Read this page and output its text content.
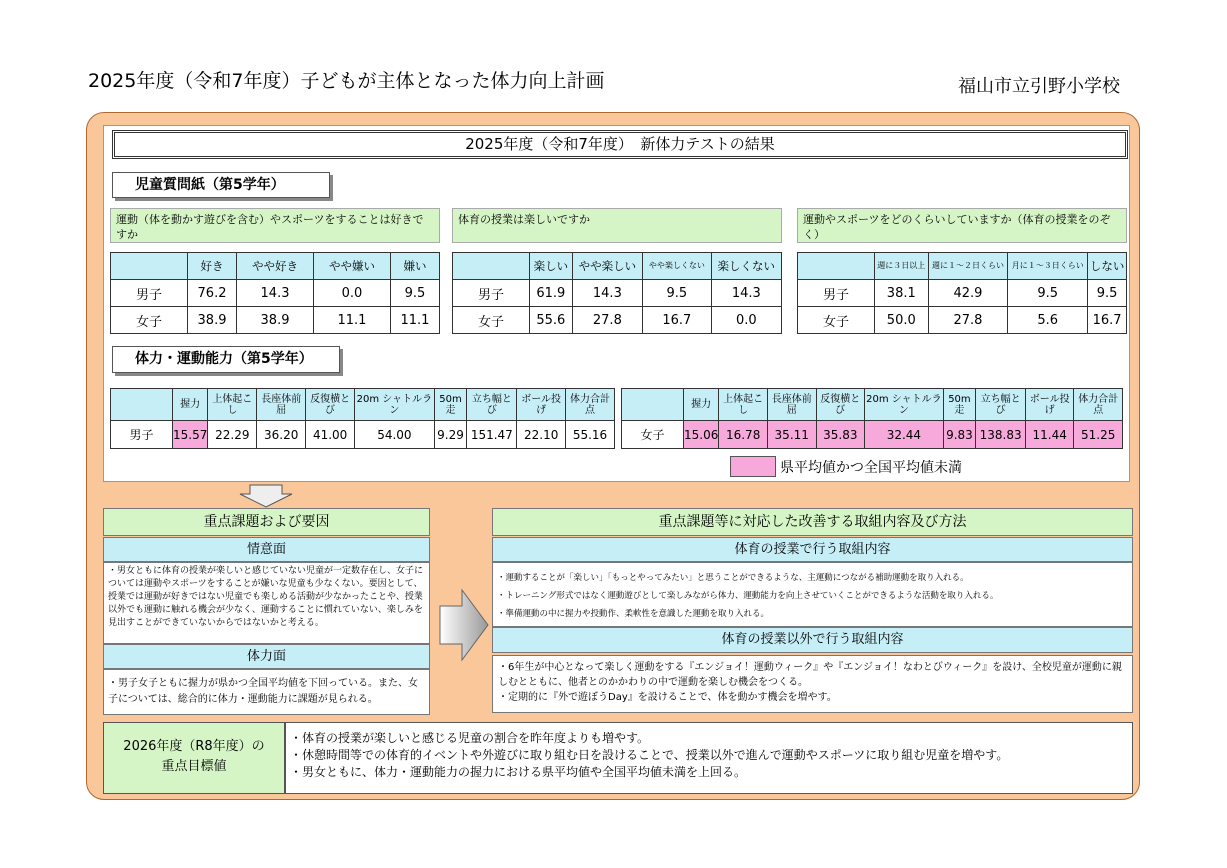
2025年度（令和7年度）子どもが主体となった体力向上計画	福山市立引野小学校
2025年度（令和7年度）　新体力テストの結果
児童質問紙（第5学年）
運動（体を動かす遊びを含む）やスポーツをすることは好きですか
	好き	やや好き	やや嫌い	嫌い
男子	76.2	14.3	0.0	9.5
女子	38.9	38.9	11.1	11.1
体育の授業は楽しいですか
	楽しい	やや楽しい	やや楽しくない	楽しくない
男子	61.9	14.3	9.5	14.3
女子	55.6	27.8	16.7	0.0
運動やスポーツをどのくらいしていますか（体育の授業をのぞく）
	週に３日以上	週に１～２日くらい	月に１～３日くらい	しない
男子	38.1	42.9	9.5	9.5
女子	50.0	27.8	5.6	16.7
体力・運動能力（第5学年）
	握力	上体起こし	長座体前屈	反復横とび	20m シャトルラン	50m走	立ち幅とび	ボール投げ	体力合計点
男子	15.57	22.29	36.20	41.00	54.00	9.29	151.47	22.10	55.16
	握力	上体起こし	長座体前屈	反復横とび	20m シャトルラン	50m走	立ち幅とび	ボール投げ	体力合計点
女子	15.06	16.78	35.11	35.83	32.44	9.83	138.83	11.44	51.25
県平均値かつ全国平均値未満
重点課題および要因
情意面
・男女ともに体育の授業が楽しいと感じていない児童が一定数存在し、女子については運動やスポーツをすることが嫌いな児童も少なくない。要因として、授業では運動が好きではない児童でも楽しめる活動が少なかったことや、授業以外でも運動に触れる機会が少なく、運動することに慣れていない、楽しみを見出すことができていないからではないかと考える。
体力面
・男子女子ともに握力が県かつ全国平均値を下回っている。また、女子については、総合的に体力・運動能力に課題が見られる。
重点課題等に対応した改善する取組内容及び方法
体育の授業で行う取組内容
・運動することが「楽しい」「もっとやってみたい」と思うことができるような、主運動につながる補助運動を取り入れる。
・トレーニング形式ではなく運動遊びとして楽しみながら体力、運動能力を向上させていくことができるような活動を取り入れる。
・準備運動の中に握力や投動作、柔軟性を意識した運動を取り入れる。
体育の授業以外で行う取組内容
・6年生が中心となって楽しく運動をする『エンジョイ！運動ウィーク』や『エンジョイ！なわとびウィーク』を設け、全校児童が運動に親しむとともに、他者とのかかわりの中で運動を楽しむ機会をつくる。
・定期的に『外で遊ぼうDay』を設けることで、体を動かす機会を増やす。
2026年度（R8年度）の
重点目標値
・体育の授業が楽しいと感じる児童の割合を昨年度よりも増やす。
・休憩時間等での体育的イベントや外遊びに取り組む日を設けることで、授業以外で進んで運動やスポーツに取り組む児童を増やす。
・男女ともに、体力・運動能力の握力における県平均値や全国平均値未満を上回る。
